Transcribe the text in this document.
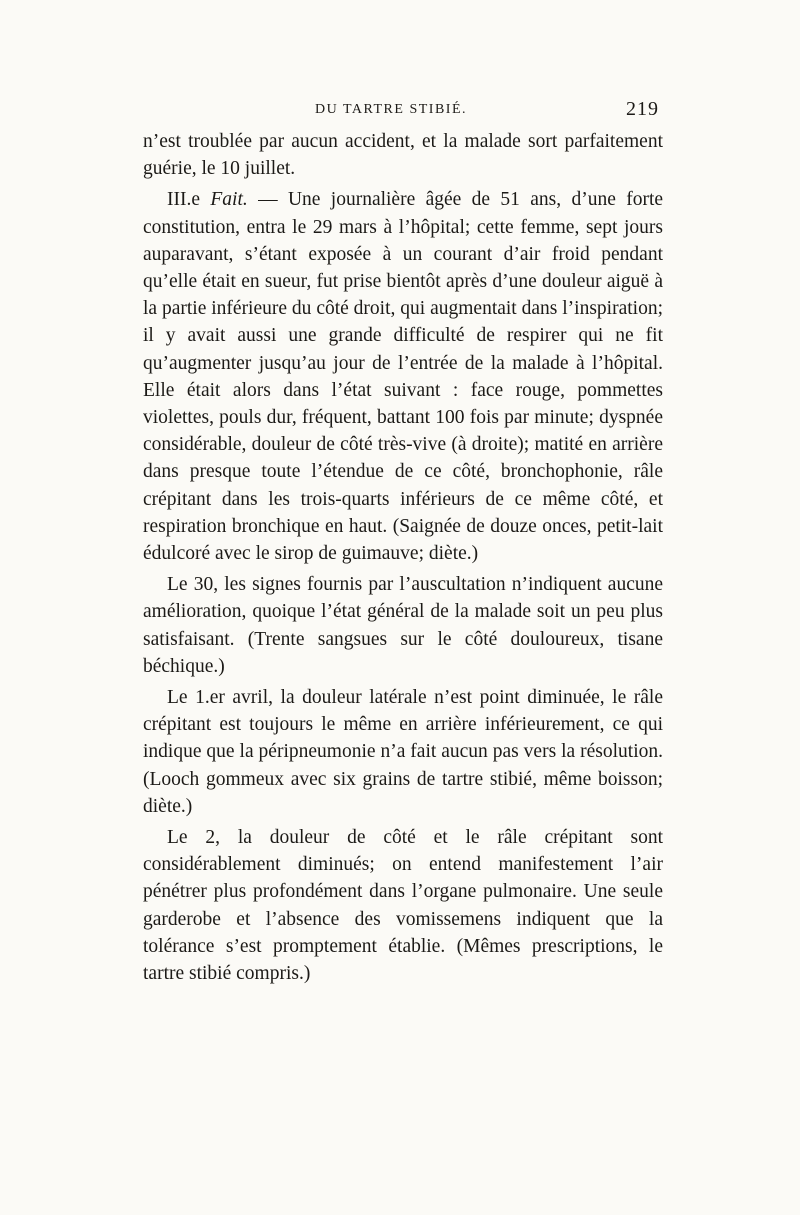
DU TARTRE STIBIÉ.	219

n’est troublée par aucun accident, et la malade sort parfaitement guérie, le 10 juillet.

III.e Fait. — Une journalière âgée de 51 ans, d’une forte constitution, entra le 29 mars à l’hôpital; cette femme, sept jours auparavant, s’étant exposée à un courant d’air froid pendant qu’elle était en sueur, fut prise bientôt après d’une douleur aiguë à la partie inférieure du côté droit, qui augmentait dans l’inspiration; il y avait aussi une grande difficulté de respirer qui ne fit qu’augmenter jusqu’au jour de l’entrée de la malade à l’hôpital. Elle était alors dans l’état suivant : face rouge, pommettes violettes, pouls dur, fréquent, battant 100 fois par minute; dyspnée considérable, douleur de côté très-vive (à droite); matité en arrière dans presque toute l’étendue de ce côté, bronchophonie, râle crépitant dans les trois-quarts inférieurs de ce même côté, et respiration bronchique en haut. (Saignée de douze onces, petit-lait édulcoré avec le sirop de guimauve; diète.)

Le 30, les signes fournis par l’auscultation n’indiquent aucune amélioration, quoique l’état général de la malade soit un peu plus satisfaisant. (Trente sangsues sur le côté douloureux, tisane béchique.)

Le 1.er avril, la douleur latérale n’est point diminuée, le râle crépitant est toujours le même en arrière inférieurement, ce qui indique que la péripneumonie n’a fait aucun pas vers la résolution. (Looch gommeux avec six grains de tartre stibié, même boisson; diète.)

Le 2, la douleur de côté et le râle crépitant sont considérablement diminués; on entend manifestement l’air pénétrer plus profondément dans l’organe pulmonaire. Une seule garderobe et l’absence des vomissemens indiquent que la tolérance s’est promptement établie. (Mêmes prescriptions, le tartre stibié compris.)
